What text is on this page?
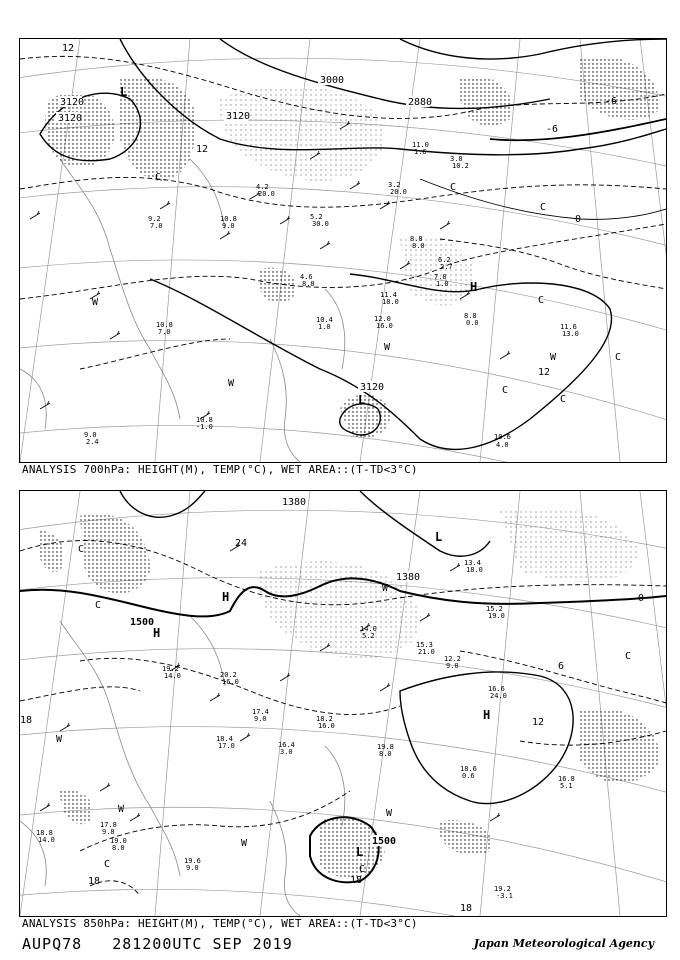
3120
3120	3120
3120
3000
2880
12
12
12
-6
-6
0
L
L
H
C
C
C
C
C
C
W
W
W
W
C
10.8
-1.0
10.6
4.0
11.6
13.0
8.8
0.0
12.0
16.0
10.4
1.0
11.4
18.0
9.2
7.0
10.8
9.0
9.0
2.4
10.8
7.0
8.8
8.0
6.2
2.7
7.8
1.0
3.2
20.0
5.2
30.0
4.2
20.0
4.6
8.8
11.0
1.6
3.0
10.2
ANALYSIS 700hPa: HEIGHT(M), TEMP(°C), WET AREA::(T-TD<3°C)
1500
1500
1380
1380
24
18
18
18
12
6
0
18
L
L
H
H
H
C
C
C	C
W
W
W
W
W
C
19.2
-3.1
16.8
5.1
18.6
0.6
19.8
8.0
16.6
24.0
19.2
14.0	20.2
16.0
18.8
14.0
17.4
9.0
16.4
3.0
18.2
16.0
19.6
9.0
17.8
9.8
15.3
21.0
13.4
18.0
14.0
5.2
15.2
19.0
12.2
9.0
19.0
8.0
18.4
17.0
ANALYSIS 850hPa: HEIGHT(M), TEMP(°C), WET AREA::(T-TD<3°C)
AUPQ78 281200UTC SEP 2019	Japan Meteorological Agency
